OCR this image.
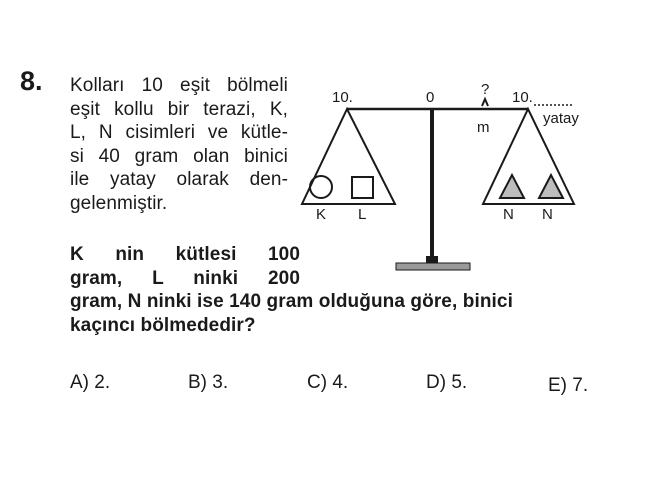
8. Kolları 10 eşit bölmeli
eşit kollu bir terazi, K,
L, N cisimleri ve kütle-
si 40 gram olan binici
ile yatay olarak den-
gelenmiştir.
K nin kütlesi 100
gram, L ninki 200
gram, N ninki ise 140 gram olduğuna göre, binici
kaçıncı bölmededir?
10.	0	? 10.
m
yatay
K L	N N
A) 2.	B) 3.	C) 4.	D) 5.	E) 7.
